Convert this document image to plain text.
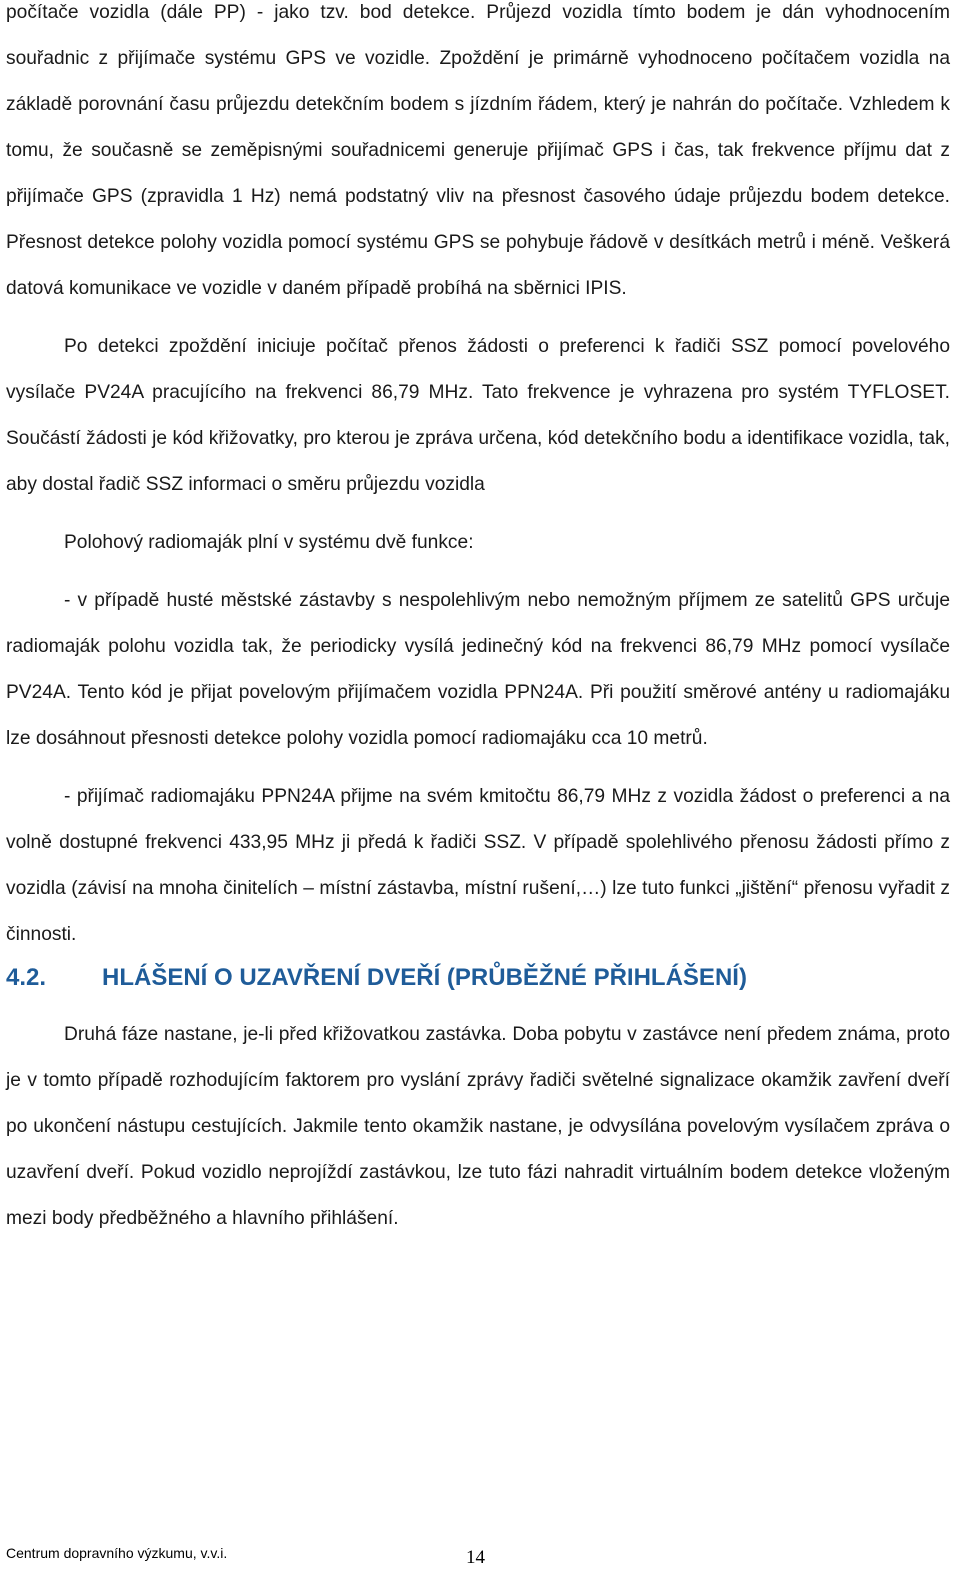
počítače vozidla (dále PP) - jako tzv. bod detekce. Průjezd vozidla tímto bodem je dán vyhodnocením souřadnic z přijímače systému GPS ve vozidle. Zpoždění je primárně vyhodnoceno počítačem vozidla na základě porovnání času průjezdu detekčním bodem s jízdním řádem, který je nahrán do počítače. Vzhledem k tomu, že současně se zeměpisnými souřadnicemi generuje přijímač GPS i čas, tak frekvence příjmu dat z přijímače GPS (zpravidla 1 Hz) nemá podstatný vliv na přesnost časového údaje průjezdu bodem detekce. Přesnost detekce polohy vozidla pomocí systému GPS se pohybuje řádově v desítkách metrů i méně. Veškerá datová komunikace ve vozidle v daném případě probíhá na sběrnici IPIS.

Po detekci zpoždění iniciuje počítač přenos žádosti o preferenci k řadiči SSZ pomocí povelového vysílače PV24A pracujícího na frekvenci 86,79 MHz. Tato frekvence je vyhrazena pro systém TYFLOSET. Součástí žádosti je kód křižovatky, pro kterou je zpráva určena, kód detekčního bodu a identifikace vozidla, tak, aby dostal řadič SSZ informaci o směru průjezdu vozidla

Polohový radiomaják plní v systému dvě funkce:

- v případě husté městské zástavby s nespolehlivým nebo nemožným příjmem ze satelitů GPS určuje radiomaják polohu vozidla tak, že periodicky vysílá jedinečný kód na frekvenci 86,79 MHz pomocí vysílače PV24A. Tento kód je přijat povelovým přijímačem vozidla PPN24A. Při použití směrové antény u radiomajáku lze dosáhnout přesnosti detekce polohy vozidla pomocí radiomajáku cca 10 metrů.

- přijímač radiomajáku PPN24A přijme na svém kmitočtu 86,79 MHz z vozidla žádost o preferenci a na volně dostupné frekvenci 433,95 MHz ji předá k řadiči SSZ. V případě spolehlivého přenosu žádosti přímo z vozidla (závisí na mnoha činitelích – místní zástavba, místní rušení,…) lze tuto funkci „jištění“ přenosu vyřadit z činnosti.

4.2. HLÁŠENÍ O UZAVŘENÍ DVEŘÍ (PRŮBĚŽNÉ PŘIHLÁŠENÍ)

Druhá fáze nastane, je-li před křižovatkou zastávka. Doba pobytu v zastávce není předem známa, proto je v tomto případě rozhodujícím faktorem pro vyslání zprávy řadiči světelné signalizace okamžik zavření dveří po ukončení nástupu cestujících. Jakmile tento okamžik nastane, je odvysílána povelovým vysílačem zpráva o uzavření dveří. Pokud vozidlo neprojíždí zastávkou, lze tuto fázi nahradit virtuálním bodem detekce vloženým mezi body předběžného a hlavního přihlášení.

Centrum dopravního výzkumu, v.v.i.	14
